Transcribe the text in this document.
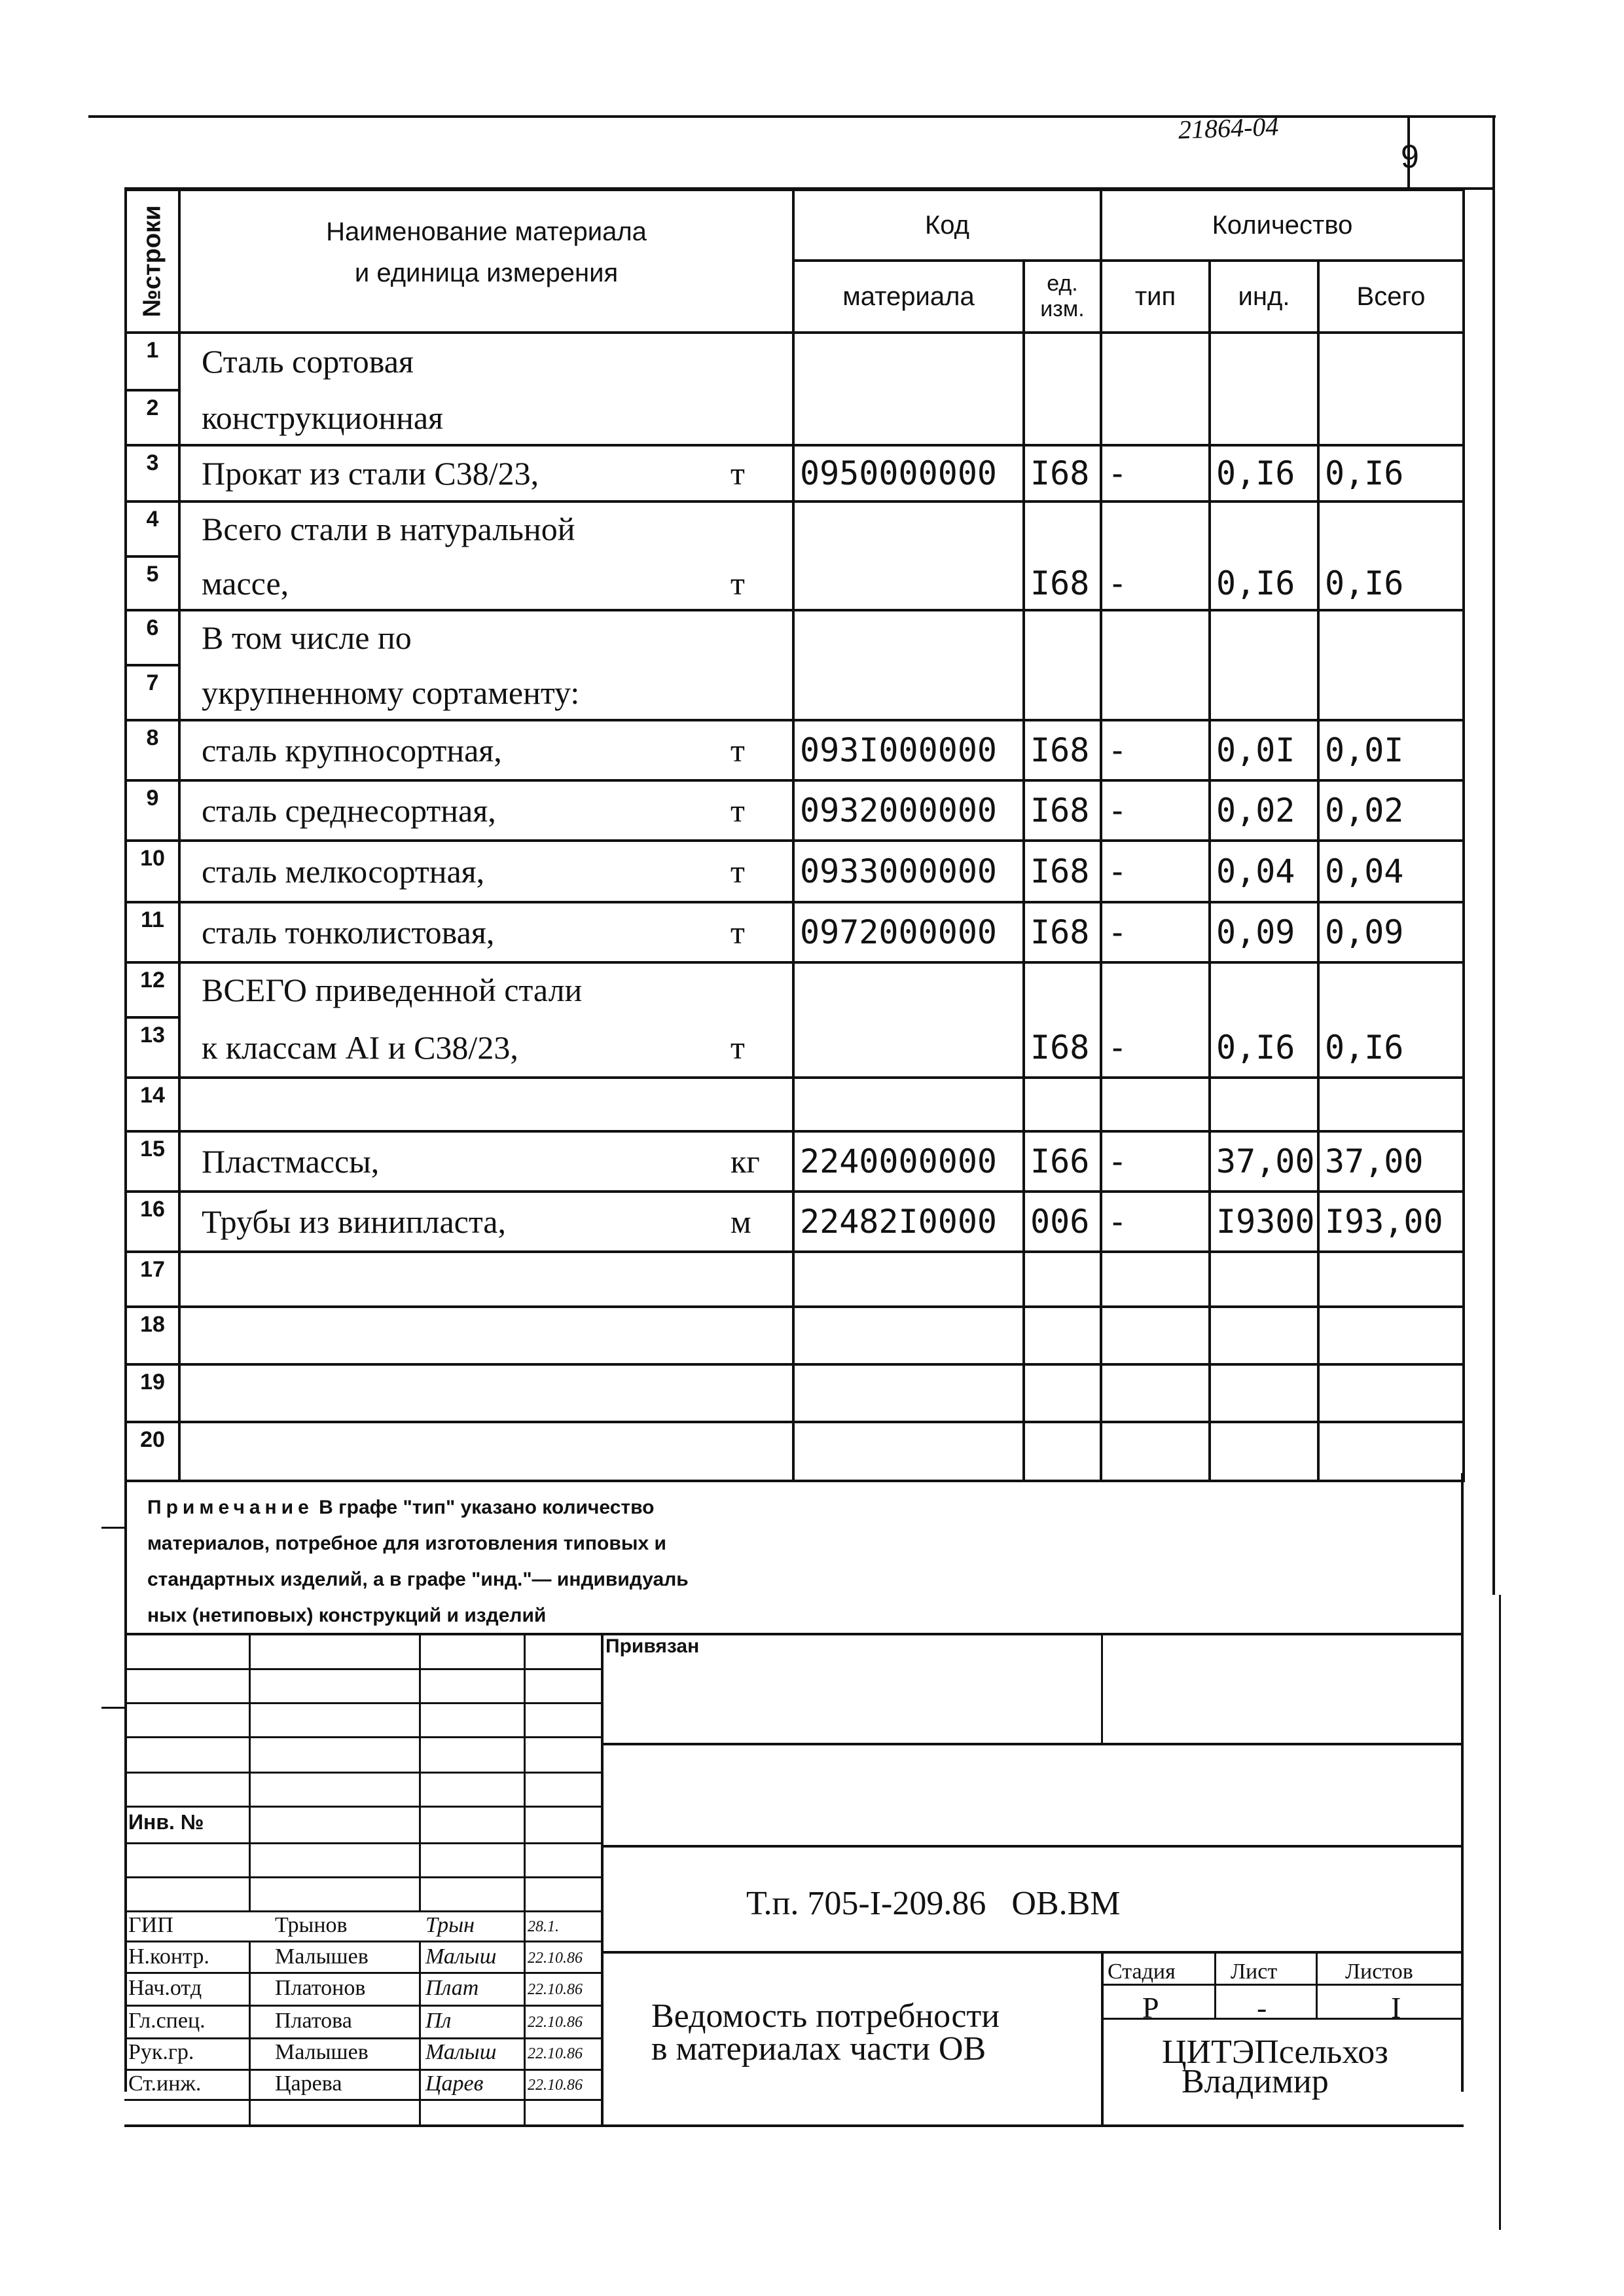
21864-04
9
№строки	Наименование материала
и единица измерения	Код		Количество		
		материала	ед. изм.	тип	инд.	Всего
1	Сталь сортовая

2	конструкционная

3	Прокат из стали С38/23, т	0950000000	I68	-	0,I6	0,I6
4	Всего стали в натуральной

5	массе, т		I68	-	0,I6	0,I6
6	В том числе по

7	укрупненному сортаменту:

8	сталь крупносортная, т	093I000000	I68	-	0,0I	0,0I
9	сталь среднесортная, т	0932000000	I68	-	0,02	0,02
10	сталь мелкосортная, т	0933000000	I68	-	0,04	0,04
11	сталь тонколистовая, т	0972000000	I68	-	0,09	0,09
12	ВСЕГО приведенной стали

13	к классам АI и С38/23, т		I68	-	0,I6	0,I6
14	

15	Пластмассы, кг	2240000000	I66	-	37,00	37,00
16	Трубы из винипласта, м	22482I0000	006	-	I9300	I93,00
17	

18	

19	

20	

Примечание В графе "тип" указано количество
материалов, потребное для изготовления типовых и
стандартных изделий, а в графе "инд."— индивидуаль
ных (нетиповых) конструкций и изделий
Привязан
Инв. №
Т.п. 705-I-209.86   ОВ.ВМ
Ведомость потребности
в материалах части ОВ
Стадия Лист	Листов
Р	-	I
ЦИТЭПсельхоз
Владимир
ГИП	Трынов	Трын	28.1.
Н.контр.	Малышев	Малыш 22.10.86
Нач.отд	Платонов	Плат	22.10.86
Гл.спец.	Платова	Пл	22.10.86
Рук.гр.	Малышев	Малыш 22.10.86
Ст.инж.	Царева	Царев	22.10.86
